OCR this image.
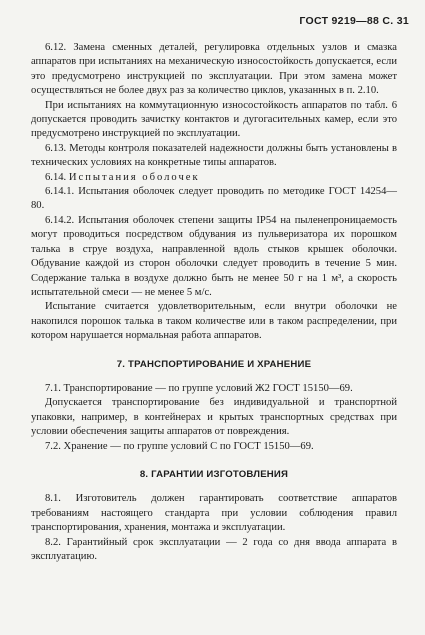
ГОСТ 9219—88 С. 31

6.12. Замена сменных деталей, регулировка отдельных узлов и смазка аппаратов при испытаниях на механическую износостойкость допускается, если это предусмотрено инструкцией по эксплуатации. При этом замена может осуществляться не более двух раз за количество циклов, указанных в п. 2.10.

При испытаниях на коммутационную износостойкость аппаратов по табл. 6 допускается проводить зачистку контактов и дугогасительных камер, если это предусмотрено инструкцией по эксплуатации.

6.13. Методы контроля показателей надежности должны быть установлены в технических условиях на конкретные типы аппаратов.

6.14. Испытания оболочек

6.14.1. Испытания оболочек следует проводить по методике ГОСТ 14254—80.

6.14.2. Испытания оболочек степени защиты IP54 на пыленепроницаемость могут проводиться посредством обдувания из пульверизатора их порошком талька в струе воздуха, направленной вдоль стыков крышек оболочки. Обдувание каждой из сторон оболочки следует проводить в течение 5 мин. Содержание талька в воздухе должно быть не менее 50 г на 1 м³, а скорость испытательной смеси — не менее 5 м/с.

Испытание считается удовлетворительным, если внутри оболочки не накопился порошок талька в таком количестве или в таком распределении, при котором нарушается нормальная работа аппаратов.

7. ТРАНСПОРТИРОВАНИЕ И ХРАНЕНИЕ

7.1. Транспортирование — по группе условий Ж2 ГОСТ 15150—69.

Допускается транспортирование без индивидуальной и транспортной упаковки, например, в контейнерах и крытых транспортных средствах при условии обеспечения защиты аппаратов от повреждения.

7.2. Хранение — по группе условий С по ГОСТ 15150—69.

8. ГАРАНТИИ ИЗГОТОВЛЕНИЯ

8.1. Изготовитель должен гарантировать соответствие аппаратов требованиям настоящего стандарта при условии соблюдения правил транспортирования, хранения, монтажа и эксплуатации.

8.2. Гарантийный срок эксплуатации — 2 года со дня ввода аппарата в эксплуатацию.
